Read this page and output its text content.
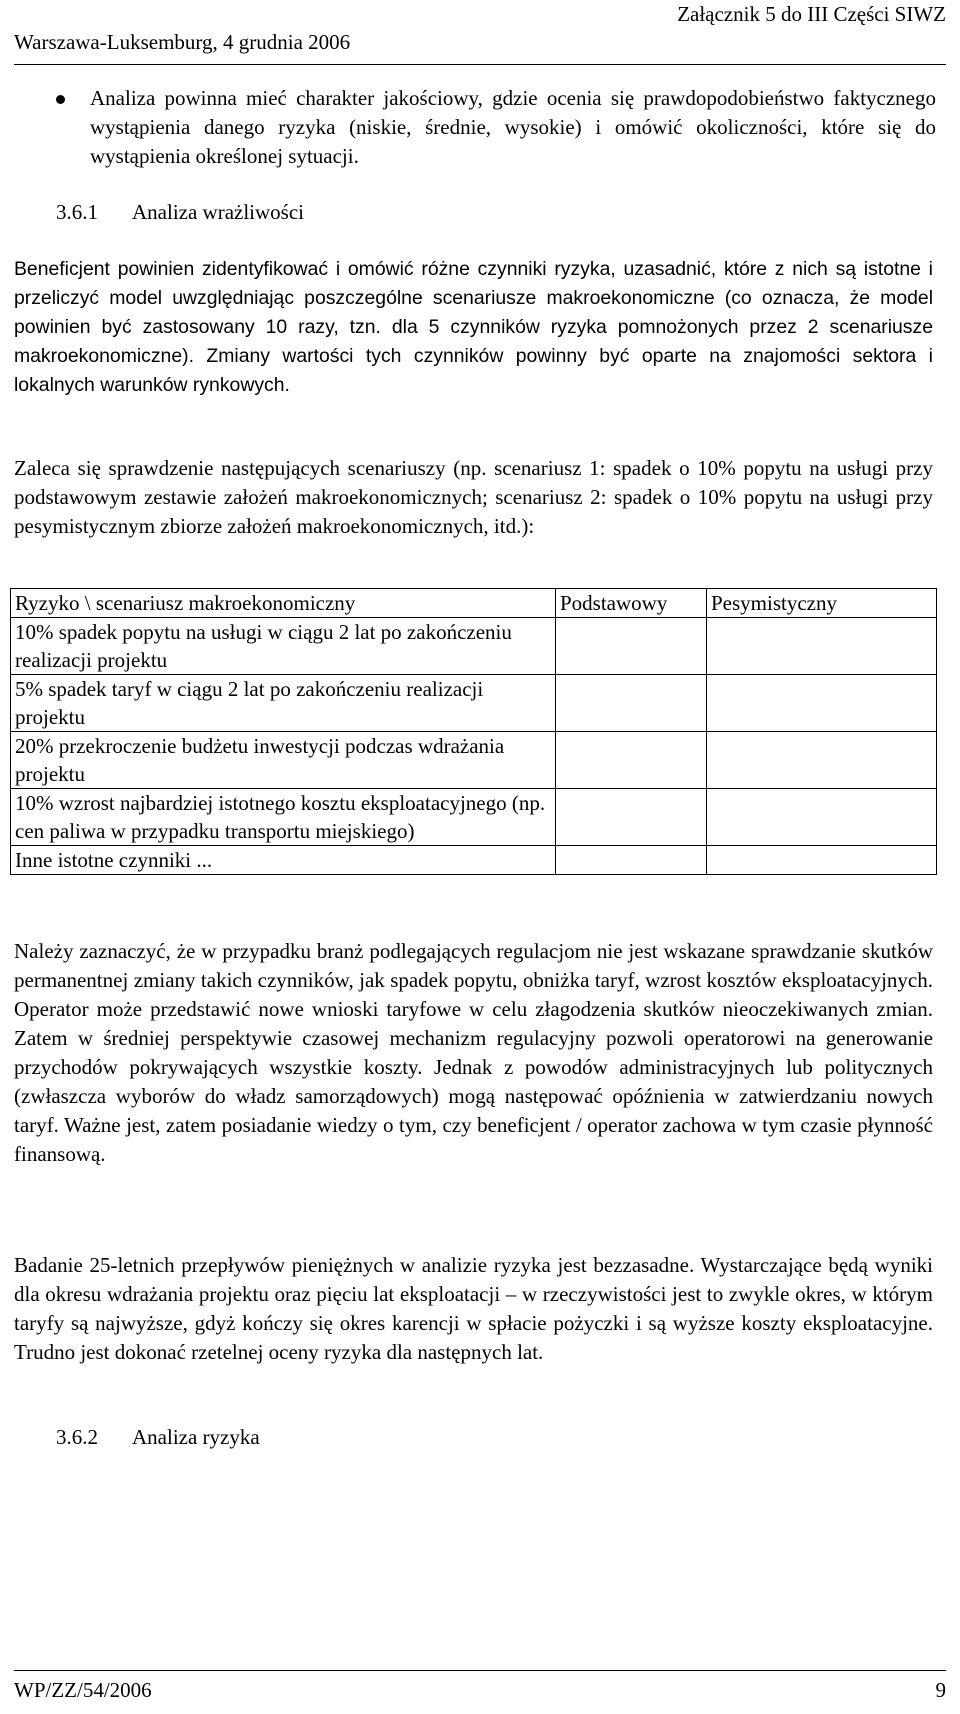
Załącznik 5 do III Części SIWZ
Warszawa-Luksemburg, 4 grudnia 2006
Analiza powinna mieć charakter jakościowy, gdzie ocenia się prawdopodobieństwo faktycznego wystąpienia danego ryzyka (niskie, średnie, wysokie) i omówić okoliczności, które się do wystąpienia określonej sytuacji.
3.6.1 Analiza wrażliwości
Beneficjent powinien zidentyfikować i omówić różne czynniki ryzyka, uzasadnić, które z nich są istotne i przeliczyć model uwzględniając poszczególne scenariusze makroekonomiczne (co oznacza, że model powinien być zastosowany 10 razy, tzn. dla 5 czynników ryzyka pomnożonych przez 2 scenariusze makroekonomiczne). Zmiany wartości tych czynników powinny być oparte na znajomości sektora i lokalnych warunków rynkowych.
Zaleca się sprawdzenie następujących scenariuszy (np. scenariusz 1: spadek o 10% popytu na usługi przy podstawowym zestawie założeń makroekonomicznych; scenariusz 2: spadek o 10% popytu na usługi przy pesymistycznym zbiorze założeń makroekonomicznych, itd.):
Ryzyko \ scenariusz makroekonomiczny	Podstawowy	Pesymistyczny
10% spadek popytu na usługi w ciągu 2 lat po zakończeniu realizacji projektu		
5% spadek taryf w ciągu 2 lat po zakończeniu realizacji projektu		
20% przekroczenie budżetu inwestycji podczas wdrażania projektu		
10% wzrost najbardziej istotnego kosztu eksploatacyjnego (np. cen paliwa w przypadku transportu miejskiego)		
Inne istotne czynniki ...		
Należy zaznaczyć, że w przypadku branż podlegających regulacjom nie jest wskazane sprawdzanie skutków permanentnej zmiany takich czynników, jak spadek popytu, obniżka taryf, wzrost kosztów eksploatacyjnych. Operator może przedstawić nowe wnioski taryfowe w celu złagodzenia skutków nieoczekiwanych zmian. Zatem w średniej perspektywie czasowej mechanizm regulacyjny pozwoli operatorowi na generowanie przychodów pokrywających wszystkie koszty. Jednak z powodów administracyjnych lub politycznych (zwłaszcza wyborów do władz samorządowych) mogą następować opóźnienia w zatwierdzaniu nowych taryf. Ważne jest, zatem posiadanie wiedzy o tym, czy beneficjent / operator zachowa w tym czasie płynność finansową.
Badanie 25-letnich przepływów pieniężnych w analizie ryzyka jest bezzasadne. Wystarczające będą wyniki dla okresu wdrażania projektu oraz pięciu lat eksploatacji – w rzeczywistości jest to zwykle okres, w którym taryfy są najwyższe, gdyż kończy się okres karencji w spłacie pożyczki i są wyższe koszty eksploatacyjne. Trudno jest dokonać rzetelnej oceny ryzyka dla następnych lat.
3.6.2 Analiza ryzyka
WP/ZZ/54/2006	9
